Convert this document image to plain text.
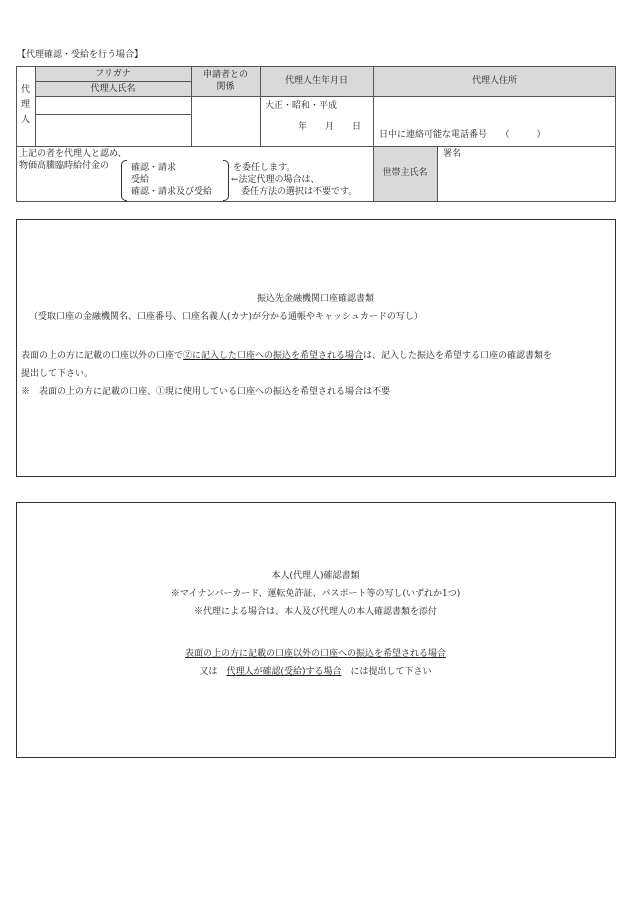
【代理確認・受給を行う場合】
代
理
人
フリガナ
代理人氏名
申請者との
関係
代理人生年月日	代理人住所
大正・昭和・平成
年　　月　　日
日中に連絡可能な電話番号　　（　　　）
上記の者を代理人と認め、
物価高騰臨時給付金の 確認・請求
受給
確認・請求及び受給
を委任します。
←法定代理の場合は、
委任方法の選択は不要です。
世帯主氏名
署名
振込先金融機関口座確認書類
（受取口座の金融機関名、口座番号、口座名義人(カナ)が分かる通帳やキャッシュカードの写し）
表面の上の方に記載の口座以外の口座で②に記入した口座への振込を希望される場合は、記入した振込を希望する口座の確認書類を
提出して下さい。
※　表面の上の方に記載の口座、①現に使用している口座への振込を希望される場合は不要
本人(代理人)確認書類
※マイナンバーカード、運転免許証、パスポート等の写し(いずれか1つ)
※代理による場合は、本人及び代理人の本人確認書類を添付
表面の上の方に記載の口座以外の口座への振込を希望される場合
又は　代理人が確認(受給)する場合　には提出して下さい
